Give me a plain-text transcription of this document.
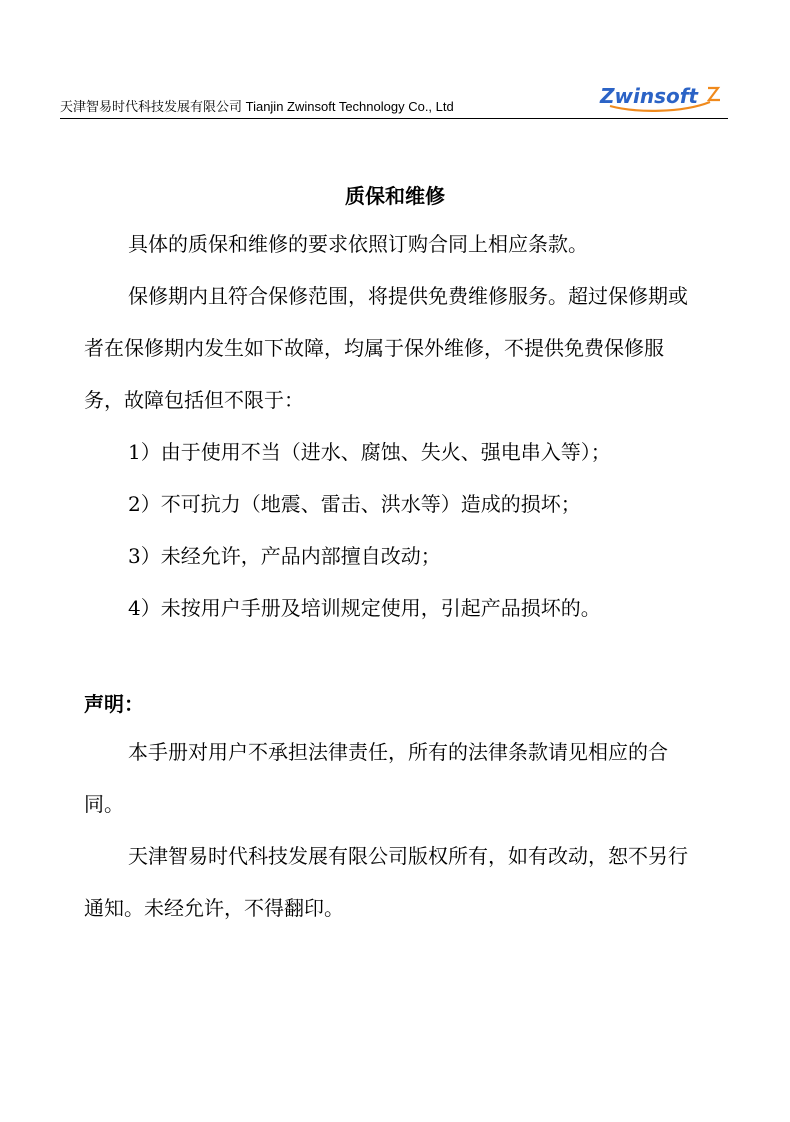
天津智易时代科技发展有限公司 Tianjin Zwinsoft Technology Co., Ltd	Zwinsoft
质保和维修

具体的质保和维修的要求依照订购合同上相应条款。

保修期内且符合保修范围，将提供免费维修服务。超过保修期或者在保修期内发生如下故障，均属于保外维修，不提供免费保修服务，故障包括但不限于：

1）由于使用不当（进水、腐蚀、失火、强电串入等）；

2）不可抗力（地震、雷击、洪水等）造成的损坏；

3）未经允许，产品内部擅自改动；

4）未按用户手册及培训规定使用，引起产品损坏的。

声明：

本手册对用户不承担法律责任，所有的法律条款请见相应的合同。

天津智易时代科技发展有限公司版权所有，如有改动，恕不另行通知。未经允许，不得翻印。
